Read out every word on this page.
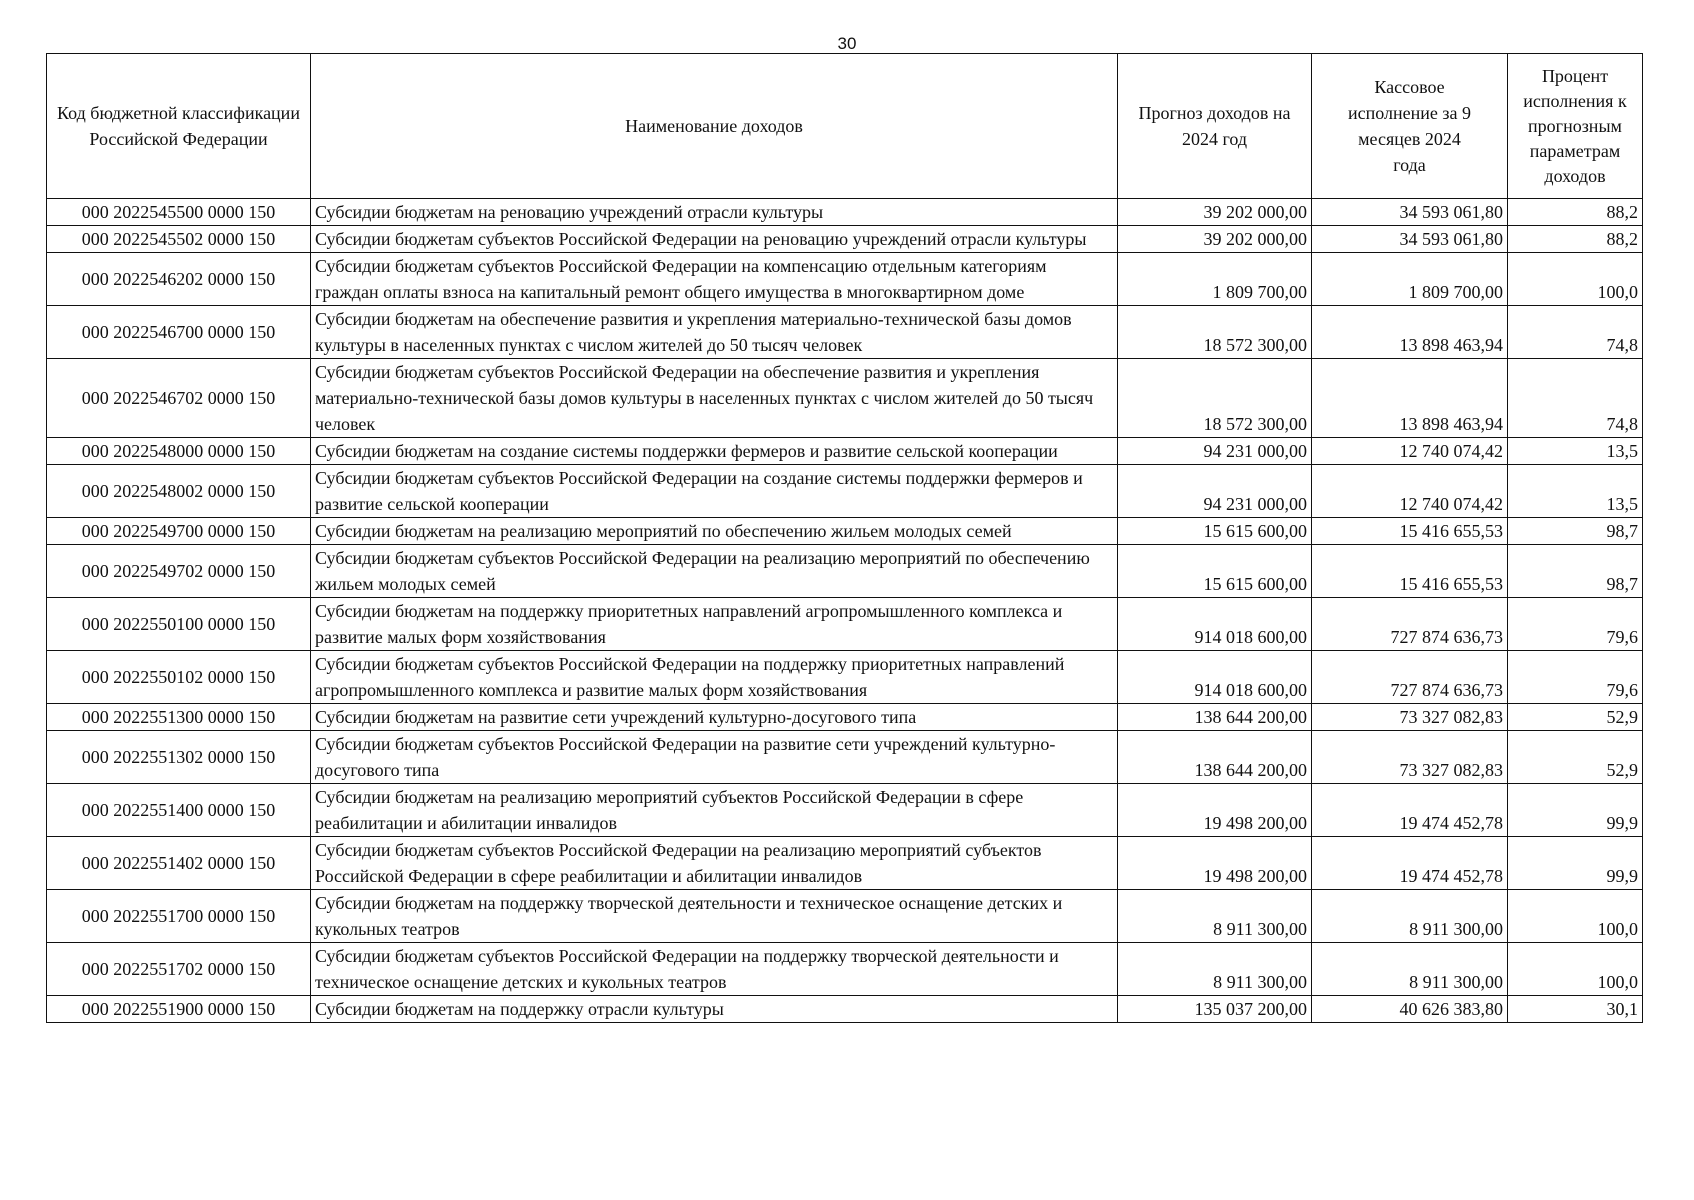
30
Код бюджетной классификации Российской Федерации	Наименование доходов	Прогноз доходов на 2024 год	Кассовое исполнение за 9 месяцев 2024 года	Процент исполнения к прогнозным параметрам доходов
000 2022545500 0000 150	Субсидии бюджетам на реновацию учреждений отрасли культуры	39 202 000,00	34 593 061,80	88,2
000 2022545502 0000 150	Субсидии бюджетам субъектов Российской Федерации на реновацию учреждений отрасли культуры	39 202 000,00	34 593 061,80	88,2
000 2022546202 0000 150	Субсидии бюджетам субъектов Российской Федерации на компенсацию отдельным категориям граждан оплаты взноса на капитальный ремонт общего имущества в многоквартирном доме	1 809 700,00	1 809 700,00	100,0
000 2022546700 0000 150	Субсидии бюджетам на обеспечение развития и укрепления материально-технической базы домов культуры в населенных пунктах с числом жителей до 50 тысяч человек	18 572 300,00	13 898 463,94	74,8
000 2022546702 0000 150	Субсидии бюджетам субъектов Российской Федерации на обеспечение развития и укрепления материально-технической базы домов культуры в населенных пунктах с числом жителей до 50 тысяч человек	18 572 300,00	13 898 463,94	74,8
000 2022548000 0000 150	Субсидии бюджетам на создание системы поддержки фермеров и развитие сельской кооперации	94 231 000,00	12 740 074,42	13,5
000 2022548002 0000 150	Субсидии бюджетам субъектов Российской Федерации на создание системы поддержки фермеров и развитие сельской кооперации	94 231 000,00	12 740 074,42	13,5
000 2022549700 0000 150	Субсидии бюджетам на реализацию мероприятий по обеспечению жильем молодых семей	15 615 600,00	15 416 655,53	98,7
000 2022549702 0000 150	Субсидии бюджетам субъектов Российской Федерации на реализацию мероприятий по обеспечению жильем молодых семей	15 615 600,00	15 416 655,53	98,7
000 2022550100 0000 150	Субсидии бюджетам на поддержку приоритетных направлений агропромышленного комплекса и развитие малых форм хозяйствования	914 018 600,00	727 874 636,73	79,6
000 2022550102 0000 150	Субсидии бюджетам субъектов Российской Федерации на поддержку приоритетных направлений агропромышленного комплекса и развитие малых форм хозяйствования	914 018 600,00	727 874 636,73	79,6
000 2022551300 0000 150	Субсидии бюджетам на развитие сети учреждений культурно-досугового типа	138 644 200,00	73 327 082,83	52,9
000 2022551302 0000 150	Субсидии бюджетам субъектов Российской Федерации на развитие сети учреждений культурно-досугового типа	138 644 200,00	73 327 082,83	52,9
000 2022551400 0000 150	Субсидии бюджетам на реализацию мероприятий субъектов Российской Федерации в сфере реабилитации и абилитации инвалидов	19 498 200,00	19 474 452,78	99,9
000 2022551402 0000 150	Субсидии бюджетам субъектов Российской Федерации на реализацию мероприятий субъектов Российской Федерации в сфере реабилитации и абилитации инвалидов	19 498 200,00	19 474 452,78	99,9
000 2022551700 0000 150	Субсидии бюджетам на поддержку творческой деятельности и техническое оснащение детских и кукольных театров	8 911 300,00	8 911 300,00	100,0
000 2022551702 0000 150	Субсидии бюджетам субъектов Российской Федерации на поддержку творческой деятельности и техническое оснащение детских и кукольных театров	8 911 300,00	8 911 300,00	100,0
000 2022551900 0000 150	Субсидии бюджетам на поддержку отрасли культуры	135 037 200,00	40 626 383,80	30,1
